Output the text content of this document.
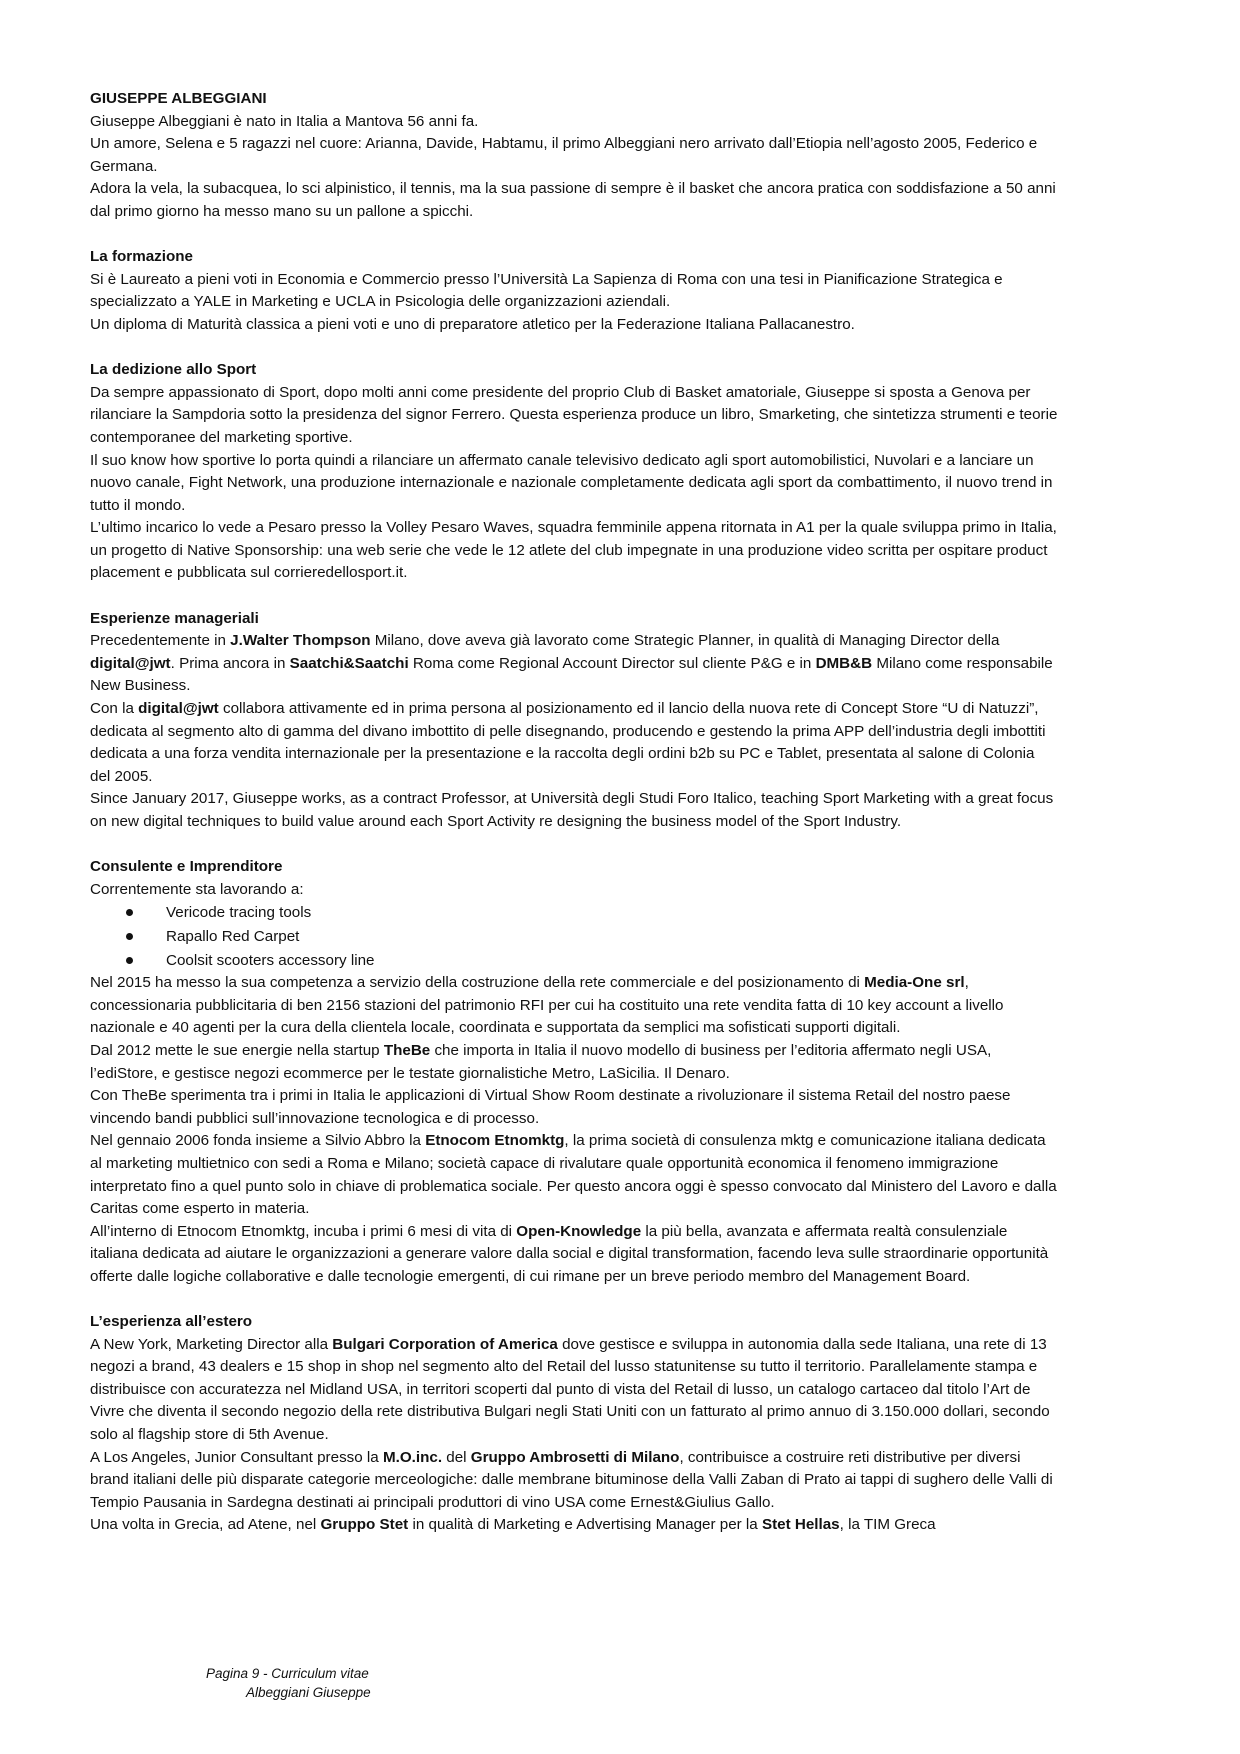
GIUSEPPE ALBEGGIANI

Giuseppe Albeggiani è nato in Italia a Mantova 56 anni fa.

Un amore, Selena e 5 ragazzi nel cuore: Arianna, Davide, Habtamu, il primo Albeggiani nero arrivato dall’Etiopia nell’agosto 2005, Federico e Germana.

Adora la vela, la subacquea, lo sci alpinistico, il tennis, ma la sua passione di sempre è il basket che ancora pratica con soddisfazione a 50 anni dal primo giorno ha messo mano su un pallone a spicchi.

La formazione

Si è Laureato a pieni voti in Economia e Commercio presso l’Università La Sapienza di Roma con una tesi in Pianificazione Strategica e specializzato a YALE in Marketing e UCLA in Psicologia delle organizzazioni aziendali.

Un diploma di Maturità classica a pieni voti e uno di preparatore atletico per la Federazione Italiana Pallacanestro.

La dedizione allo Sport

Da sempre appassionato di Sport, dopo molti anni come presidente del proprio Club di Basket amatoriale, Giuseppe si sposta a Genova per rilanciare la Sampdoria sotto la presidenza del signor Ferrero. Questa esperienza produce un libro, Smarketing, che sintetizza strumenti e teorie contemporanee del marketing sportive.

Il suo know how sportive lo porta quindi a rilanciare un affermato canale televisivo dedicato agli sport automobilistici, Nuvolari e a lanciare un nuovo canale, Fight Network, una produzione internazionale e nazionale completamente dedicata agli sport da combattimento, il nuovo trend in tutto il mondo.

L’ultimo incarico lo vede a Pesaro presso la Volley Pesaro Waves, squadra femminile appena ritornata in A1 per la quale sviluppa primo in Italia, un progetto di Native Sponsorship: una web serie che vede le 12 atlete del club impegnate in una produzione video scritta per ospitare product placement e pubblicata sul corrieredellosport.it.

Esperienze manageriali

Precedentemente in J.Walter Thompson Milano, dove aveva già lavorato come Strategic Planner, in qualità di Managing Director della digital@jwt. Prima ancora in Saatchi&Saatchi Roma come Regional Account Director sul cliente P&G e in DMB&B Milano come responsabile New Business.

Con la digital@jwt collabora attivamente ed in prima persona al posizionamento ed il lancio della nuova rete di Concept Store “U di Natuzzi”, dedicata al segmento alto di gamma del divano imbottito di pelle disegnando, producendo e gestendo la prima APP dell’industria degli imbottiti dedicata a una forza vendita internazionale per la presentazione e la raccolta degli ordini b2b su PC e Tablet, presentata al salone di Colonia del 2005.

Since January 2017, Giuseppe works, as a contract Professor, at Università degli Studi Foro Italico, teaching Sport Marketing with a great focus on new digital techniques to build value around each Sport Activity re designing the business model of the Sport Industry.

Consulente e Imprenditore

Correntemente sta lavorando a:

Vericode tracing tools
Rapallo Red Carpet
Coolsit scooters accessory line

Nel 2015 ha messo la sua competenza a servizio della costruzione della rete commerciale e del posizionamento di Media-One srl, concessionaria pubblicitaria di ben 2156 stazioni del patrimonio RFI per cui ha costituito una rete vendita fatta di 10 key account a livello nazionale e 40 agenti per la cura della clientela locale, coordinata e supportata da semplici ma sofisticati supporti digitali.

Dal 2012 mette le sue energie nella startup TheBe che importa in Italia il nuovo modello di business per l’editoria affermato negli USA, l’ediStore, e gestisce negozi ecommerce per le testate giornalistiche Metro, LaSicilia. Il Denaro.

Con TheBe sperimenta tra i primi in Italia le applicazioni di Virtual Show Room destinate a rivoluzionare il sistema Retail del nostro paese vincendo bandi pubblici sull’innovazione tecnologica e di processo.

Nel gennaio 2006 fonda insieme a Silvio Abbro la Etnocom Etnomktg, la prima società di consulenza mktg e comunicazione italiana dedicata al marketing multietnico con sedi a Roma e Milano; società capace di rivalutare quale opportunità economica il fenomeno immigrazione interpretato fino a quel punto solo in chiave di problematica sociale. Per questo ancora oggi è spesso convocato dal Ministero del Lavoro e dalla Caritas come esperto in materia.

All’interno di Etnocom Etnomktg, incuba i primi 6 mesi di vita di Open-Knowledge la più bella, avanzata e affermata realtà consulenziale italiana dedicata ad aiutare le organizzazioni a generare valore dalla social e digital transformation, facendo leva sulle straordinarie opportunità offerte dalle logiche collaborative e dalle tecnologie emergenti, di cui rimane per un breve periodo membro del Management Board.

L’esperienza all’estero

A New York, Marketing Director alla Bulgari Corporation of America dove gestisce e sviluppa in autonomia dalla sede Italiana, una rete di 13 negozi a brand, 43 dealers e 15 shop in shop nel segmento alto del Retail del lusso statunitense su tutto il territorio. Parallelamente stampa e distribuisce con accuratezza nel Midland USA, in territori scoperti dal punto di vista del Retail di lusso, un catalogo cartaceo dal titolo l’Art de Vivre che diventa il secondo negozio della rete distributiva Bulgari negli Stati Uniti con un fatturato al primo annuo di 3.150.000 dollari, secondo solo al flagship store di 5th Avenue.

A Los Angeles, Junior Consultant presso la M.O.inc. del Gruppo Ambrosetti di Milano, contribuisce a costruire reti distributive per diversi brand italiani delle più disparate categorie merceologiche: dalle membrane bituminose della Valli Zaban di Prato ai tappi di sughero delle Valli di Tempio Pausania in Sardegna destinati ai principali produttori di vino USA come Ernest&Giulius Gallo.

Una volta in Grecia, ad Atene, nel Gruppo Stet in qualità di Marketing e Advertising Manager per la Stet Hellas, la TIM Greca

Pagina 9 - Curriculum vitae
Albeggiani Giuseppe
